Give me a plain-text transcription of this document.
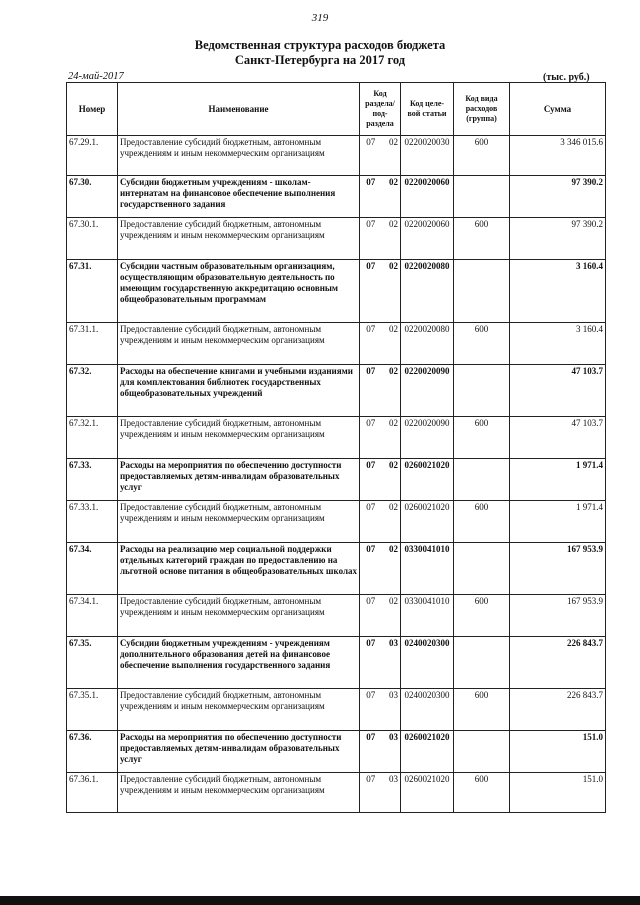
319
Ведомственная структура расходов бюджета
Санкт-Петербурга на 2017 год
24-май-2017	(тыс. руб.)
Номер	Наименование	Код раздела/ под- раздела		Код целе- вой статьи	Код вида расходов (группа)	Сумма
67.29.1.	Предоставление субсидий бюджетным, автономным учреждениям и иным некоммерческим организациям	07	02	0220020030	600	3 346 015.6
67.30.	Субсидии бюджетным учреждениям - школам-интернатам на финансовое обеспечение выполнения государственного задания	07	02	0220020060		97 390.2
67.30.1.	Предоставление субсидий бюджетным, автономным учреждениям и иным некоммерческим организациям	07	02	0220020060	600	97 390.2
67.31.	Субсидии частным образовательным организациям, осуществляющим образовательную деятельность по имеющим государственную аккредитацию основным общеобразовательным программам	07	02	0220020080		3 160.4
67.31.1.	Предоставление субсидий бюджетным, автономным учреждениям и иным некоммерческим организациям	07	02	0220020080	600	3 160.4
67.32.	Расходы на обеспечение книгами и учебными изданиями для комплектования библиотек государственных общеобразовательных учреждений	07	02	0220020090		47 103.7
67.32.1.	Предоставление субсидий бюджетным, автономным учреждениям и иным некоммерческим организациям	07	02	0220020090	600	47 103.7
67.33.	Расходы на мероприятия по обеспечению доступности предоставляемых детям-инвалидам образовательных услуг	07	02	0260021020		1 971.4
67.33.1.	Предоставление субсидий бюджетным, автономным учреждениям и иным некоммерческим организациям	07	02	0260021020	600	1 971.4
67.34.	Расходы на реализацию мер социальной поддержки отдельных категорий граждан по предоставлению на льготной основе питания в общеобразовательных школах	07	02	0330041010		167 953.9
67.34.1.	Предоставление субсидий бюджетным, автономным учреждениям и иным некоммерческим организациям	07	02	0330041010	600	167 953.9
67.35.	Субсидии бюджетным учреждениям - учреждениям дополнительного образования детей на финансовое обеспечение выполнения государственного задания	07	03	0240020300		226 843.7
67.35.1.	Предоставление субсидий бюджетным, автономным учреждениям и иным некоммерческим организациям	07	03	0240020300	600	226 843.7
67.36.	Расходы на мероприятия по обеспечению доступности предоставляемых детям-инвалидам образовательных услуг	07	03	0260021020		151.0
67.36.1.	Предоставление субсидий бюджетным, автономным учреждениям и иным некоммерческим организациям	07	03	0260021020	600	151.0
